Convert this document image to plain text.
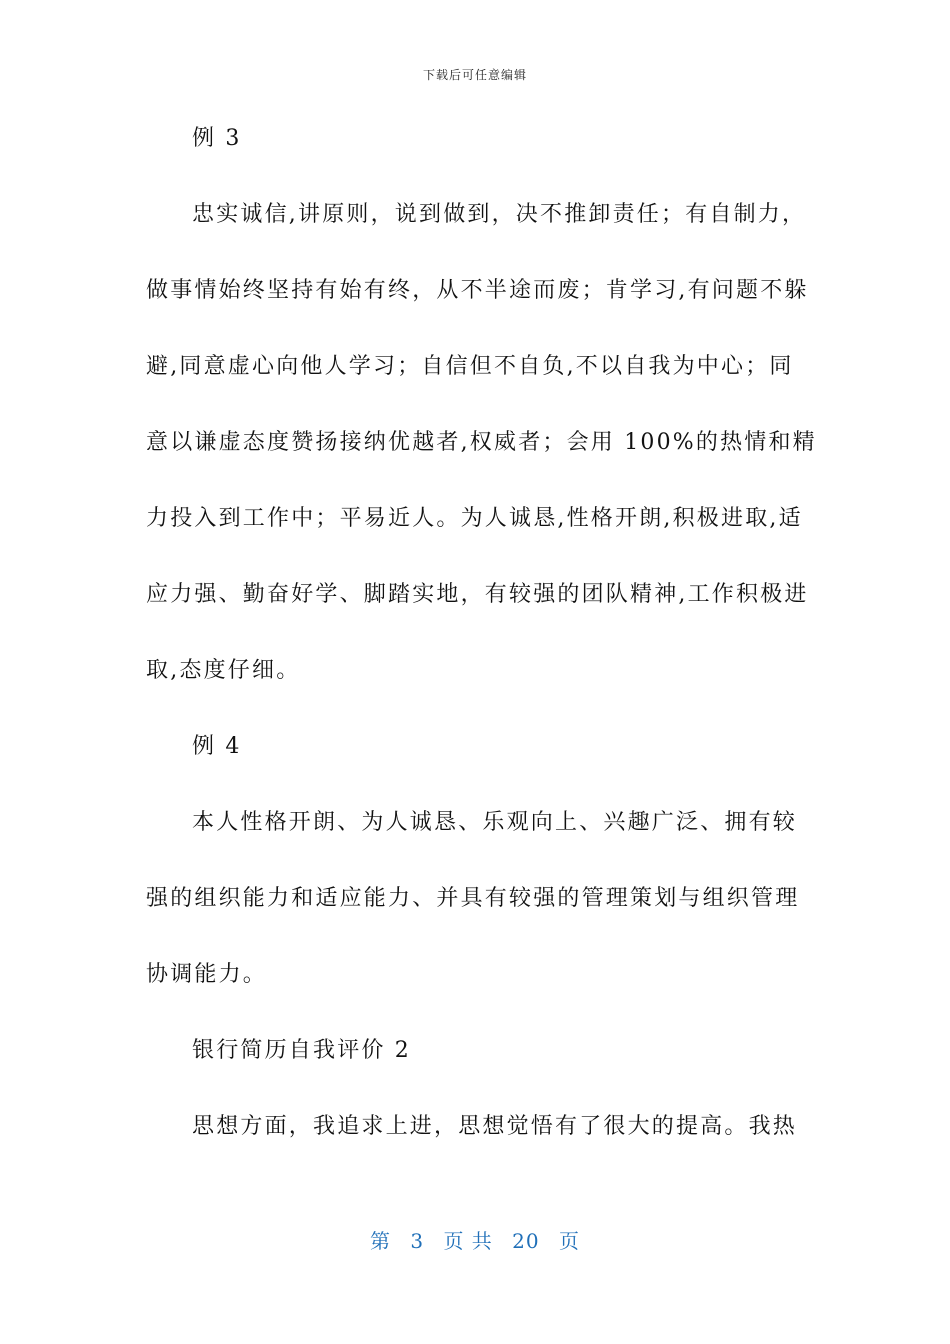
下载后可任意编辑
例 3
忠实诚信,讲原则，说到做到，决不推卸责任；有自制力，
做事情始终坚持有始有终，从不半途而废；肯学习,有问题不躲
避,同意虚心向他人学习；自信但不自负,不以自我为中心；同
意以谦虚态度赞扬接纳优越者,权威者；会用 100%的热情和精
力投入到工作中；平易近人。为人诚恳,性格开朗,积极进取,适
应力强、勤奋好学、脚踏实地，有较强的团队精神,工作积极进
取,态度仔细。
例 4
本人性格开朗、为人诚恳、乐观向上、兴趣广泛、拥有较
强的组织能力和适应能力、并具有较强的管理策划与组织管理
协调能力。
银行简历自我评价 2
思想方面，我追求上进，思想觉悟有了很大的提高。我热
第 3 页 共 20 页
